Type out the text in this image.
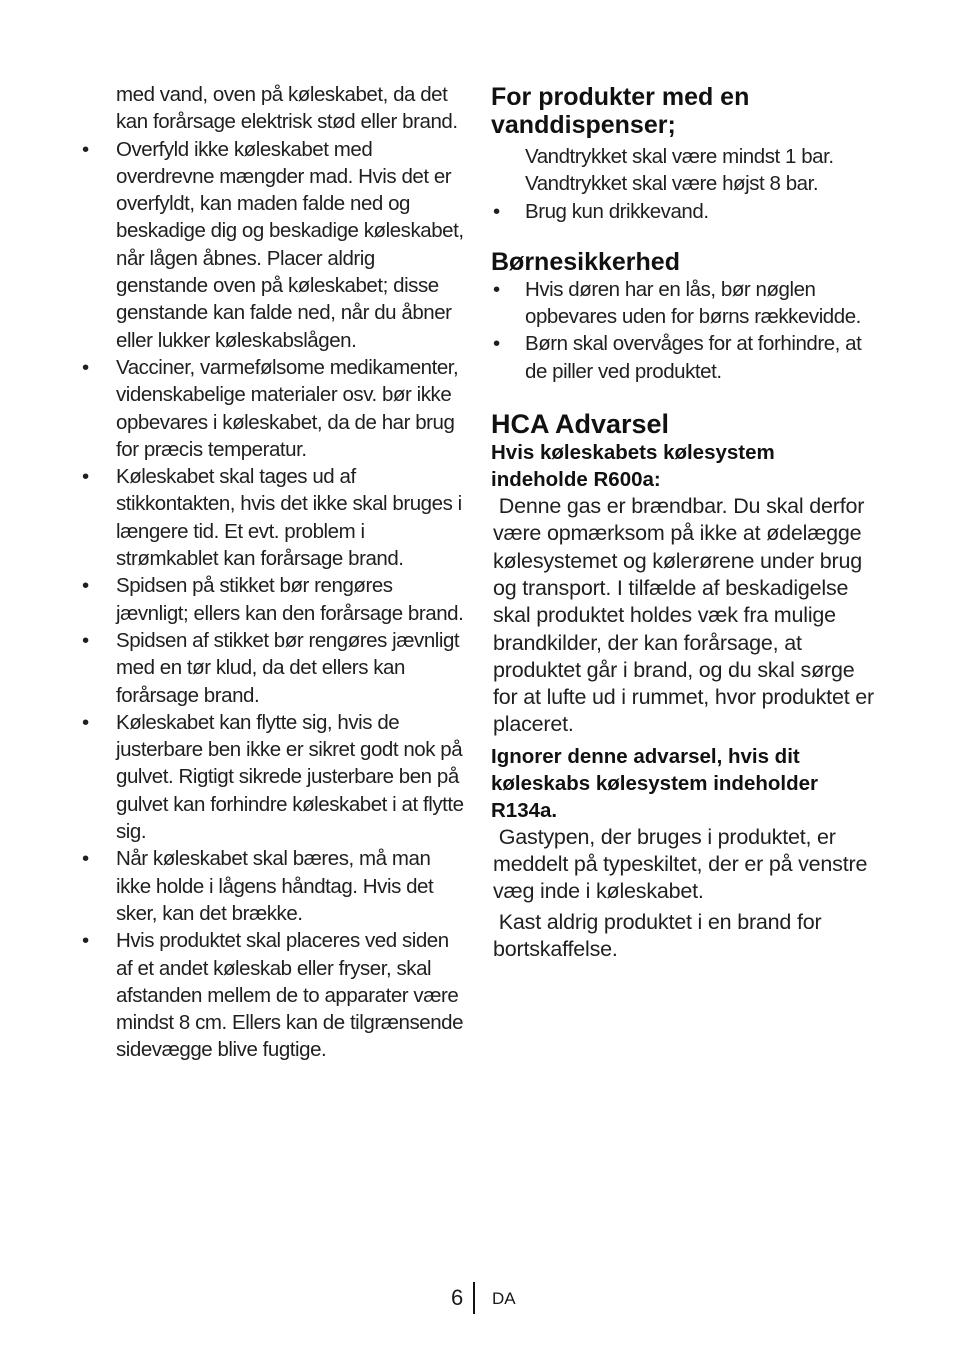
med vand, oven på køleskabet, da det kan forårsage elektrisk stød eller brand.

• Overfyld ikke køleskabet med overdrevne mængder mad. Hvis det er overfyldt, kan maden falde ned og beskadige dig og beskadige køleskabet, når lågen åbnes. Placer aldrig genstande oven på køleskabet; disse genstande kan falde ned, når du åbner eller lukker køleskabslågen.
• Vacciner, varmefølsome medikamenter, videnskabelige materialer osv. bør ikke opbevares i køleskabet, da de har brug for præcis temperatur.
• Køleskabet skal tages ud af stikkontakten, hvis det ikke skal bruges i længere tid. Et evt. problem i strømkablet kan forårsage brand.
• Spidsen på stikket bør rengøres jævnligt; ellers kan den forårsage brand.
• Spidsen af stikket bør rengøres jævnligt med en tør klud, da det ellers kan forårsage brand.
• Køleskabet kan flytte sig, hvis de justerbare ben ikke er sikret godt nok på gulvet. Rigtigt sikrede justerbare ben på gulvet kan forhindre køleskabet i at flytte sig.
• Når køleskabet skal bæres, må man ikke holde i lågens håndtag. Hvis det sker, kan det brække.
• Hvis produktet skal placeres ved siden af et andet køleskab eller fryser, skal afstanden mellem de to apparater være mindst 8 cm. Ellers kan de tilgrænsende sidevægge blive fugtige.
For produkter med en
vanddispenser;

Vandtrykket skal være mindst 1 bar.

Vandtrykket skal være højst 8 bar.

• Brug kun drikkevand.
Børnesikkerhed
• Hvis døren har en lås, bør nøglen opbevares uden for børns rækkevidde.
• Børn skal overvåges for at forhindre, at de piller ved produktet.
HCA Advarsel

Hvis køleskabets kølesystem indeholde R600a:

Denne gas er brændbar. Du skal derfor være opmærksom på ikke at ødelægge kølesystemet og kølerørene under brug og transport. I tilfælde af beskadigelse skal produktet holdes væk fra mulige brandkilder, der kan forårsage, at produktet går i brand, og du skal sørge for at lufte ud i rummet, hvor produktet er placeret.

Ignorer denne advarsel, hvis dit køleskabs kølesystem indeholder R134a.

Gastypen, der bruges i produktet, er meddelt på typeskiltet, der er på venstre væg inde i køleskabet.

Kast aldrig produktet i en brand for bortskaffelse.

6 DA
